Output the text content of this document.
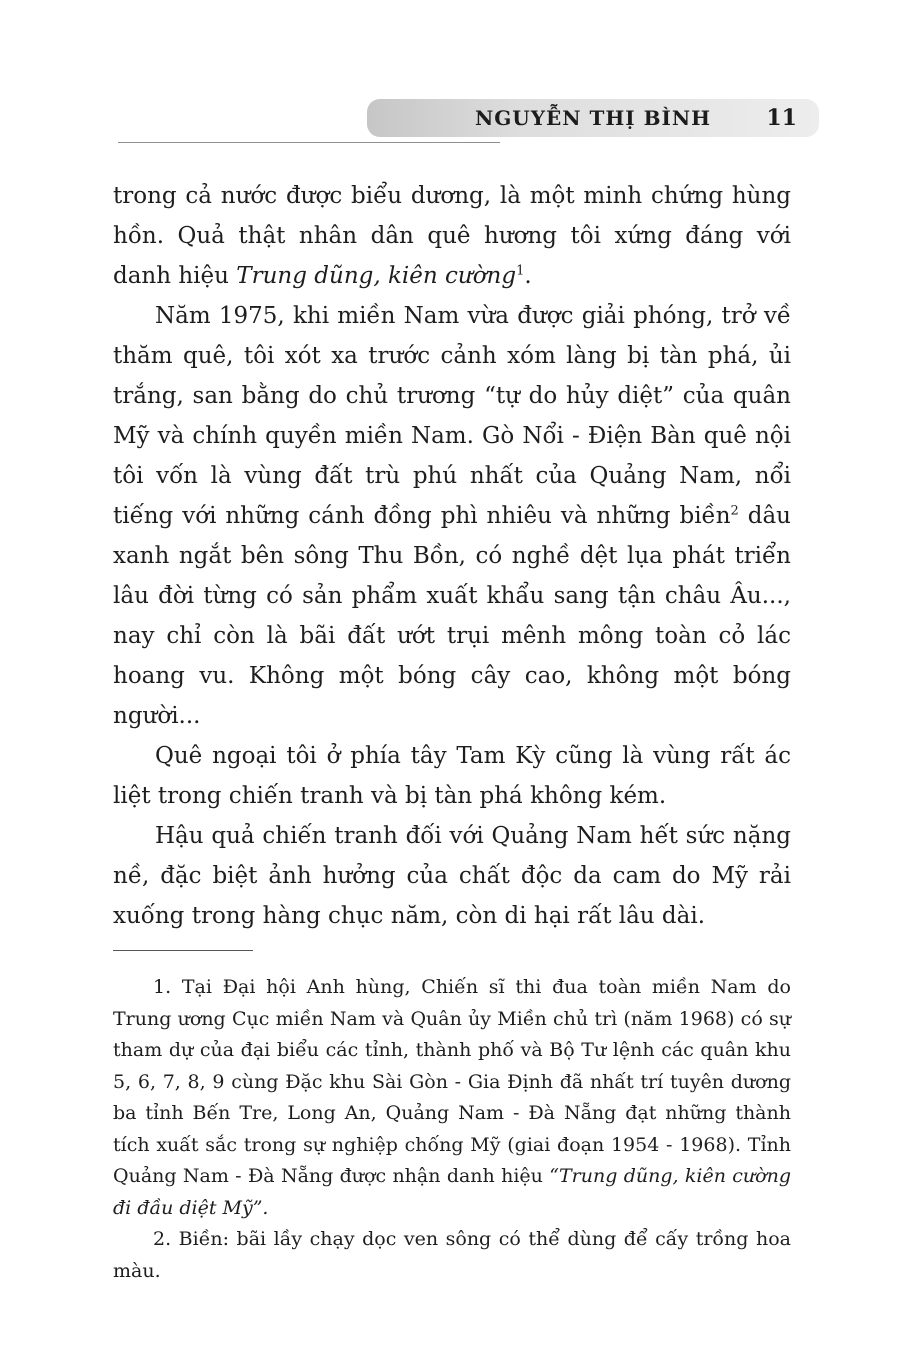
NGUYỄN THỊ BÌNH	11

trong cả nước được biểu dương, là một minh chứng hùng hồn. Quả thật nhân dân quê hương tôi xứng đáng với danh hiệu Trung dũng, kiên cường$^1$.

Năm 1975, khi miền Nam vừa được giải phóng, trở về thăm quê, tôi xót xa trước cảnh xóm làng bị tàn phá, ủi trắng, san bằng do chủ trương “tự do hủy diệt” của quân Mỹ và chính quyền miền Nam. Gò Nổi - Điện Bàn quê nội tôi vốn là vùng đất trù phú nhất của Quảng Nam, nổi tiếng với những cánh đồng phì nhiêu và những biền$^2$ dâu xanh ngắt bên sông Thu Bồn, có nghề dệt lụa phát triển lâu đời từng có sản phẩm xuất khẩu sang tận châu Âu..., nay chỉ còn là bãi đất ướt trụi mênh mông toàn cỏ lác hoang vu. Không một bóng cây cao, không một bóng người...

Quê ngoại tôi ở phía tây Tam Kỳ cũng là vùng rất ác liệt trong chiến tranh và bị tàn phá không kém.

Hậu quả chiến tranh đối với Quảng Nam hết sức nặng nề, đặc biệt ảnh hưởng của chất độc da cam do Mỹ rải xuống trong hàng chục năm, còn di hại rất lâu dài.

1. Tại Đại hội Anh hùng, Chiến sĩ thi đua toàn miền Nam do Trung ương Cục miền Nam và Quân ủy Miền chủ trì (năm 1968) có sự tham dự của đại biểu các tỉnh, thành phố và Bộ Tư lệnh các quân khu 5, 6, 7, 8, 9 cùng Đặc khu Sài Gòn - Gia Định đã nhất trí tuyên dương ba tỉnh Bến Tre, Long An, Quảng Nam - Đà Nẵng đạt những thành tích xuất sắc trong sự nghiệp chống Mỹ (giai đoạn 1954 - 1968). Tỉnh Quảng Nam - Đà Nẵng được nhận danh hiệu “Trung dũng, kiên cường đi đầu diệt Mỹ”.

2. Biền: bãi lầy chạy dọc ven sông có thể dùng để cấy trồng hoa màu.
